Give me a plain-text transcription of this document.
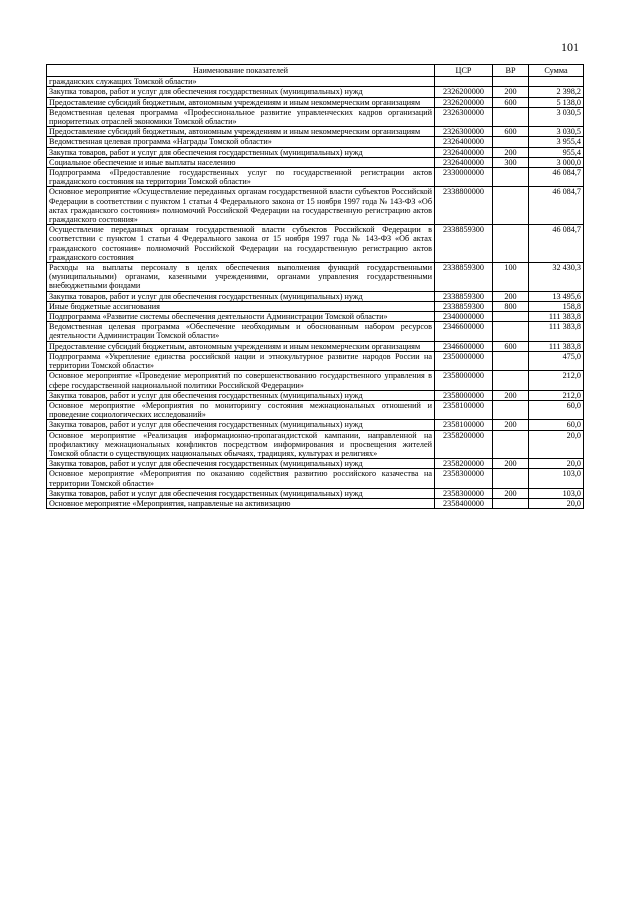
101
Наименование показателей	ЦСР	ВР	Сумма
гражданских служащих Томской области»			
Закупка товаров, работ и услуг для обеспечения государственных (муниципальных) нужд	2326200000	200	2 398,2
Предоставление субсидий бюджетным, автономным учреждениям и иным некоммерческим организациям	2326200000	600	5 138,0
Ведомственная целевая программа «Профессиональное развитие управленческих кадров организаций приоритетных отраслей экономики Томской области»	2326300000		3 030,5
Предоставление субсидий бюджетным, автономным учреждениям и иным некоммерческим организациям	2326300000	600	3 030,5
Ведомственная целевая программа «Награды Томской области»	2326400000		3 955,4
Закупка товаров, работ и услуг для обеспечения государственных (муниципальных) нужд	2326400000	200	955,4
Социальное обеспечение и иные выплаты населению	2326400000	300	3 000,0
Подпрограмма «Предоставление государственных услуг по государственной регистрации актов гражданского состояния на территории Томской области»	2330000000		46 084,7
Основное мероприятие «Осуществление переданных органам государственной власти субъектов Российской Федерации в соответствии с пунктом 1 статьи 4 Федерального закона от 15 ноября 1997 года № 143-ФЗ «Об актах гражданского состояния» полномочий Российской Федерации на государственную регистрацию актов гражданского состояния»	2338800000		46 084,7
Осуществление переданных органам государственной власти субъектов Российской Федерации в соответствии с пунктом 1 статьи 4 Федерального закона от 15 ноября 1997 года № 143-ФЗ «Об актах гражданского состояния» полномочий Российской Федерации на государственную регистрацию актов гражданского состояния	2338859300		46 084,7
Расходы на выплаты персоналу в целях обеспечения выполнения функций государственными (муниципальными) органами, казенными учреждениями, органами управления государственными внебюджетными фондами	2338859300	100	32 430,3
Закупка товаров, работ и услуг для обеспечения государственных (муниципальных) нужд	2338859300	200	13 495,6
Иные бюджетные ассигнования	2338859300	800	158,8
Подпрограмма «Развитие системы обеспечения деятельности Администрации Томской области»	2340000000		111 383,8
Ведомственная целевая программа «Обеспечение необходимым и обоснованным набором ресурсов деятельности Администрации Томской области»	2346600000		111 383,8
Предоставление субсидий бюджетным, автономным учреждениям и иным некоммерческим организациям	2346600000	600	111 383,8
Подпрограмма «Укрепление единства российской нации и этнокультурное развитие народов России на территории Томской области»	2350000000		475,0
Основное мероприятие «Проведение мероприятий по совершенствованию государственного управления в сфере государственной национальной политики Российской Федерации»	2358000000		212,0
Закупка товаров, работ и услуг для обеспечения государственных (муниципальных) нужд	2358000000	200	212,0
Основное мероприятие «Мероприятия по мониторингу состояния межнациональных отношений и проведение социологических исследований»	2358100000		60,0
Закупка товаров, работ и услуг для обеспечения государственных (муниципальных) нужд	2358100000	200	60,0
Основное мероприятие «Реализация информационно-пропагандистской кампании, направленной на профилактику межнациональных конфликтов посредством информирования и просвещения жителей Томской области о существующих национальных обычаях, традициях, культурах и религиях»	2358200000		20,0
Закупка товаров, работ и услуг для обеспечения государственных (муниципальных) нужд	2358200000	200	20,0
Основное мероприятие «Мероприятия по оказанию содействия развитию российского казачества на территории Томской области»	2358300000		103,0
Закупка товаров, работ и услуг для обеспечения государственных (муниципальных) нужд	2358300000	200	103,0
Основное мероприятие «Мероприятия, направленые на активизацию	2358400000		20,0
